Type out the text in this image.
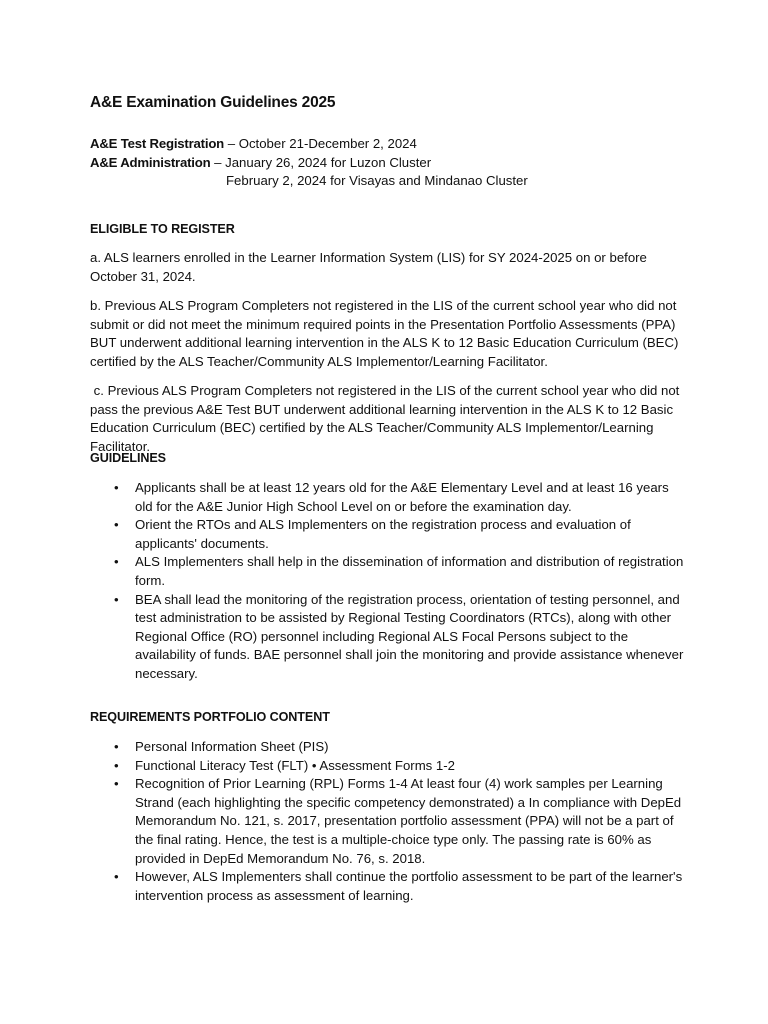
A&E Examination Guidelines 2025
A&E Test Registration – October 21-December 2, 2024
A&E Administration – January 26, 2024 for Luzon Cluster
February 2, 2024 for Visayas and Mindanao Cluster
ELIGIBLE TO REGISTER

a. ALS learners enrolled in the Learner Information System (LIS) for SY 2024-2025 on or before October 31, 2024.

b. Previous ALS Program Completers not registered in the LIS of the current school year who did not submit or did not meet the minimum required points in the Presentation Portfolio Assessments (PPA) BUT underwent additional learning intervention in the ALS K to 12 Basic Education Curriculum (BEC) certified by the ALS Teacher/Community ALS Implementor/Learning Facilitator.

c. Previous ALS Program Completers not registered in the LIS of the current school year who did not pass the previous A&E Test BUT underwent additional learning intervention in the ALS K to 12 Basic Education Curriculum (BEC) certified by the ALS Teacher/Community ALS Implementor/Learning Facilitator.

GUIDELINES
• Applicants shall be at least 12 years old for the A&E Elementary Level and at least 16 years old for the A&E Junior High School Level on or before the examination day.
• Orient the RTOs and ALS Implementers on the registration process and evaluation of applicants' documents.
• ALS Implementers shall help in the dissemination of information and distribution of registration form.
• BEA shall lead the monitoring of the registration process, orientation of testing personnel, and test administration to be assisted by Regional Testing Coordinators (RTCs), along with other Regional Office (RO) personnel including Regional ALS Focal Persons subject to the availability of funds. BAE personnel shall join the monitoring and provide assistance whenever necessary.
REQUIREMENTS PORTFOLIO CONTENT
• Personal Information Sheet (PIS)
• Functional Literacy Test (FLT) • Assessment Forms 1-2
• Recognition of Prior Learning (RPL) Forms 1-4 At least four (4) work samples per Learning Strand (each highlighting the specific competency demonstrated) a In compliance with DepEd Memorandum No. 121, s. 2017, presentation portfolio assessment (PPA) will not be a part of the final rating. Hence, the test is a multiple-choice type only. The passing rate is 60% as provided in DepEd Memorandum No. 76, s. 2018.
• However, ALS Implementers shall continue the portfolio assessment to be part of the learner's intervention process as assessment of learning.
